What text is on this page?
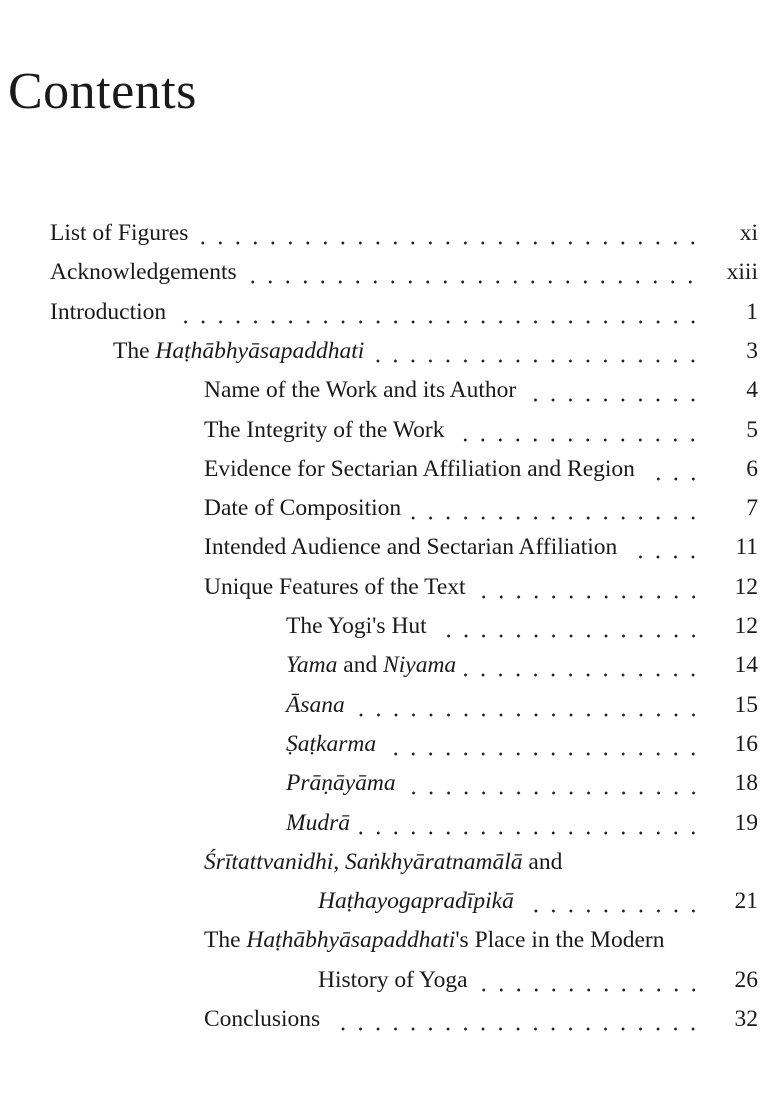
Contents
List of Figures	xi
Acknowledgements	xiii
Introduction	1
The Haṭhābhyāsapaddhati	3
Name of the Work and its Author	4
The Integrity of the Work	5
Evidence for Sectarian Affiliation and Region	6
Date of Composition	7
Intended Audience and Sectarian Affiliation	11
Unique Features of the Text	12
The Yogi's Hut	12
Yama and Niyama	14
Āsana	15
Ṣaṭkarma	16
Prāṇāyāma	18
Mudrā	19
Śrītattvanidhi, Saṅkhyāratnamālā and
Haṭhayogapradīpikā	21
The Haṭhābhyāsapaddhati's Place in the Modern
History of Yoga	26
Conclusions	32
